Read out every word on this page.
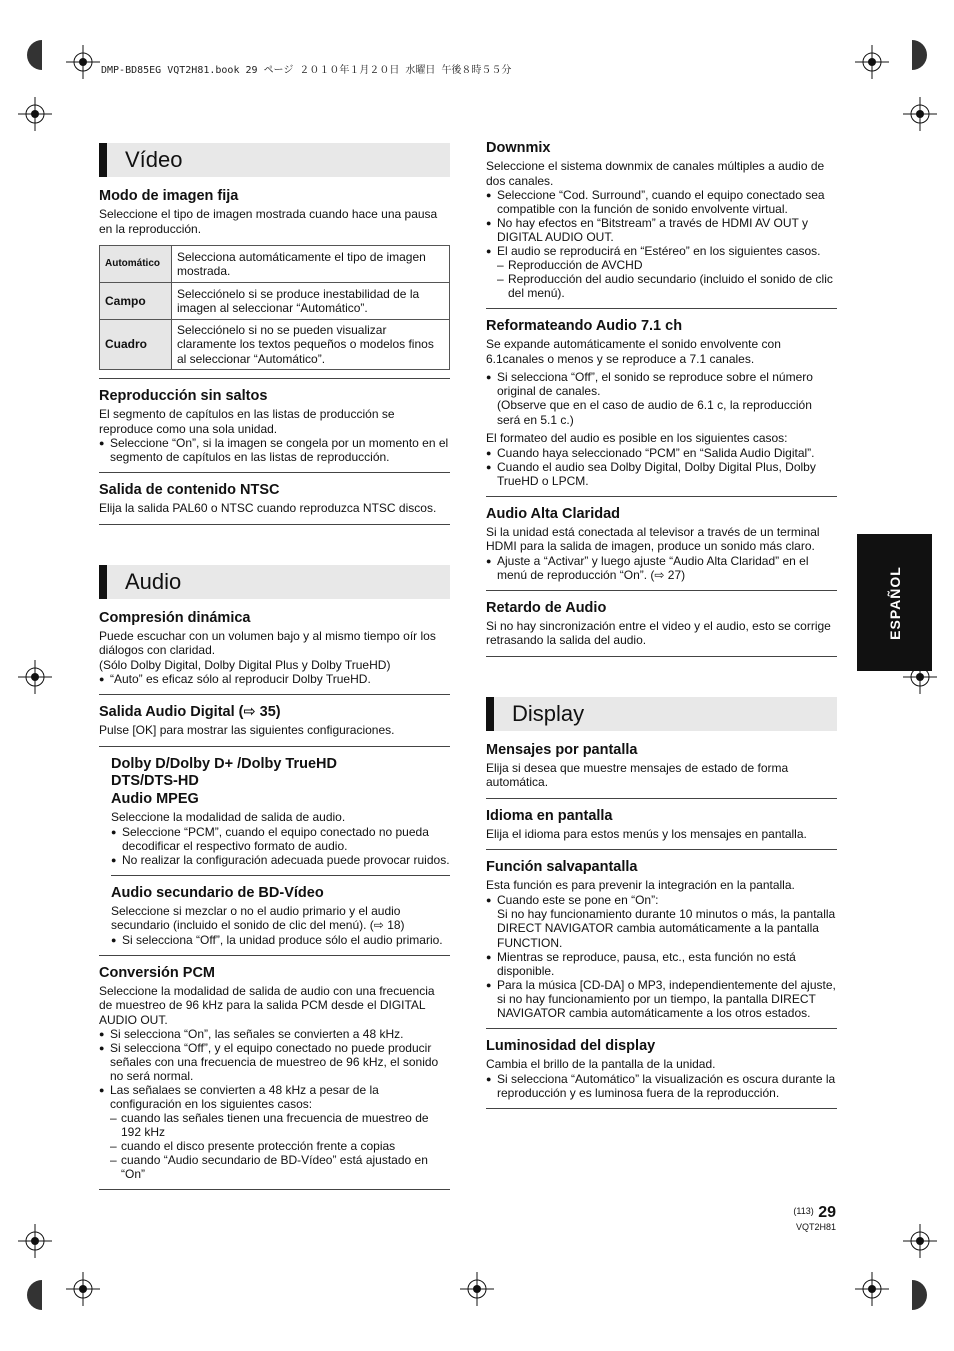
DMP-BD85EG VQT2H81.book 29 ページ ２０１０年１月２０日 水曜日 午後８時５５分
ESPAÑOL
Vídeo
Modo de imagen fija

Seleccione el tipo de imagen mostrada cuando hace una pausa en la reproducción.

Automático	Selecciona automáticamente el tipo de imagen mostrada.
Campo	Selecciónelo si se produce inestabilidad de la imagen al seleccionar “Automático”.
Cuadro	Selecciónelo si no se pueden visualizar claramente los textos pequeños o modelos finos al seleccionar “Automático”.
Reproducción sin saltos

El segmento de capítulos en las listas de producción se reproduce como una sola unidad.

● Seleccione “On”, si la imagen se congela por un momento en el segmento de capítulos en las listas de reproducción.

Salida de contenido NTSC

Elija la salida PAL60 o NTSC cuando reproduzca NTSC discos.

Audio
Compresión dinámica

Puede escuchar con un volumen bajo y al mismo tiempo oír los diálogos con claridad.

(Sólo Dolby Digital, Dolby Digital Plus y Dolby TrueHD)

● “Auto” es eficaz sólo al reproducir Dolby TrueHD.

Salida Audio Digital (⇨ 35)

Pulse [OK] para mostrar las siguientes configuraciones.

Dolby D/Dolby D+ /Dolby TrueHD
DTS/DTS-HD
Audio MPEG

Seleccione la modalidad de salida de audio.

● Seleccione “PCM”, cuando el equipo conectado no pueda decodificar el respectivo formato de audio.

● No realizar la configuración adecuada puede provocar ruidos.

Audio secundario de BD-Vídeo

Seleccione si mezclar o no el audio primario y el audio secundario (incluido el sonido de clic del menú). (⇨ 18)

● Si selecciona “Off”, la unidad produce sólo el audio primario.

Conversión PCM

Seleccione la modalidad de salida de audio con una frecuencia de muestreo de 96 kHz para la salida PCM desde el DIGITAL AUDIO OUT.

● Si selecciona “On”, las señales se convierten a 48 kHz.

● Si selecciona “Off”, y el equipo conectado no puede producir señales con una frecuencia de muestreo de 96 kHz, el sonido no será normal.

● Las señalaes se convierten a 48 kHz a pesar de la configuración en los siguientes casos:

– cuando las señales tienen una frecuencia de muestreo de 192 kHz

– cuando el disco presente protección frente a copias

– cuando “Audio secundario de BD-Vídeo” está ajustado en “On”

Downmix

Seleccione el sistema downmix de canales múltiples a audio de dos canales.

● Seleccione “Cod. Surround”, cuando el equipo conectado sea compatible con la función de sonido envolvente virtual.

● No hay efectos en “Bitstream” a través de HDMI AV OUT y DIGITAL AUDIO OUT.

● El audio se reproducirá en “Estéreo” en los siguientes casos.

– Reproducción de AVCHD

– Reproducción del audio secundario (incluido el sonido de clic del menú).

Reformateando Audio 7.1 ch

Se expande automáticamente el sonido envolvente con 6.1canales o menos y se reproduce a 7.1 canales.

● Si selecciona “Off”, el sonido se reproduce sobre el número original de canales.

(Observe que en el caso de audio de 6.1 c, la reproducción será en 5.1 c.)

El formateo del audio es posible en los siguientes casos:

● Cuando haya seleccionado “PCM” en “Salida Audio Digital”.

● Cuando el audio sea Dolby Digital, Dolby Digital Plus, Dolby TrueHD o LPCM.

Audio Alta Claridad

Si la unidad está conectada al televisor a través de un terminal HDMI para la salida de imagen, produce un sonido más claro.

● Ajuste a “Activar” y luego ajuste “Audio Alta Claridad” en el menú de reproducción “On”. (⇨ 27)

Retardo de Audio

Si no hay sincronización entre el video y el audio, esto se corrige retrasando la salida del audio.

Display
Mensajes por pantalla

Elija si desea que muestre mensajes de estado de forma automática.

Idioma en pantalla

Elija el idioma para estos menús y los mensajes en pantalla.

Función salvapantalla

Esta función es para prevenir la integración en la pantalla.

● Cuando este se pone en “On”:

Si no hay funcionamiento durante 10 minutos o más, la pantalla DIRECT NAVIGATOR cambia automáticamente a la pantalla FUNCTION.

● Mientras se reproduce, pausa, etc., esta función no está disponible.

● Para la música [CD-DA] o MP3, independientemente del ajuste, si no hay funcionamiento por un tiempo, la pantalla DIRECT NAVIGATOR cambia automáticamente a los otros estados.

Luminosidad del display

Cambia el brillo de la pantalla de la unidad.

● Si selecciona “Automático” la visualización es oscura durante la reproducción y es luminosa fuera de la reproducción.

(113) 29
VQT2H81
